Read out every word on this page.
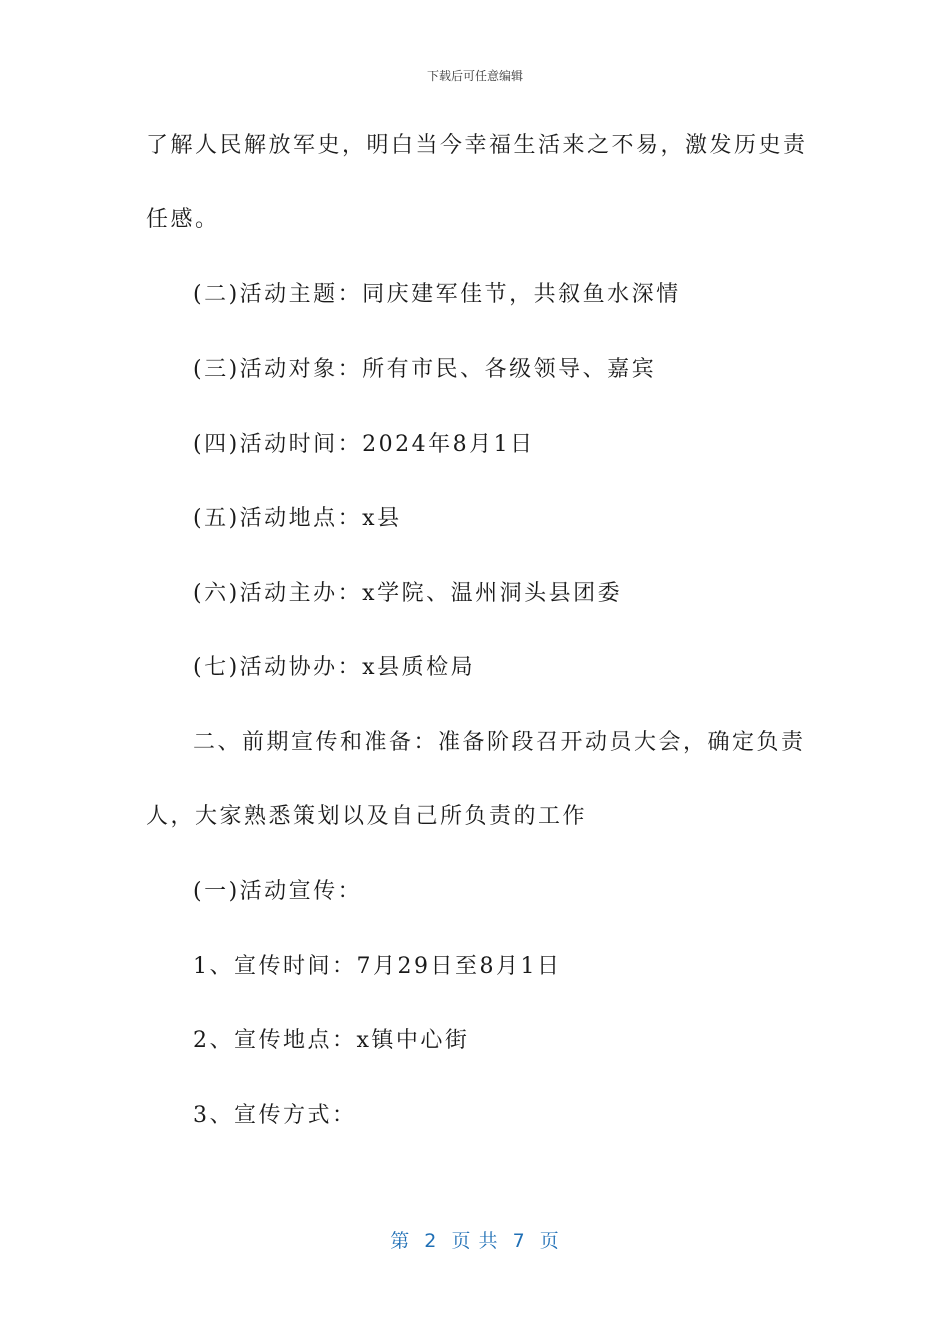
下载后可任意编辑
了解人民解放军史，明白当今幸福生活来之不易，激发历史责
任感。
(二)活动主题：同庆建军佳节，共叙鱼水深情
(三)活动对象：所有市民、各级领导、嘉宾
(四)活动时间：2024年8月1日
(五)活动地点：x县
(六)活动主办：x学院、温州洞头县团委
(七)活动协办：x县质检局
二、前期宣传和准备：准备阶段召开动员大会，确定负责
人，大家熟悉策划以及自己所负责的工作
(一)活动宣传：
1、宣传时间：7月29日至8月1日
2、宣传地点：x镇中心街
3、宣传方式：
第  2  页 共  7  页
